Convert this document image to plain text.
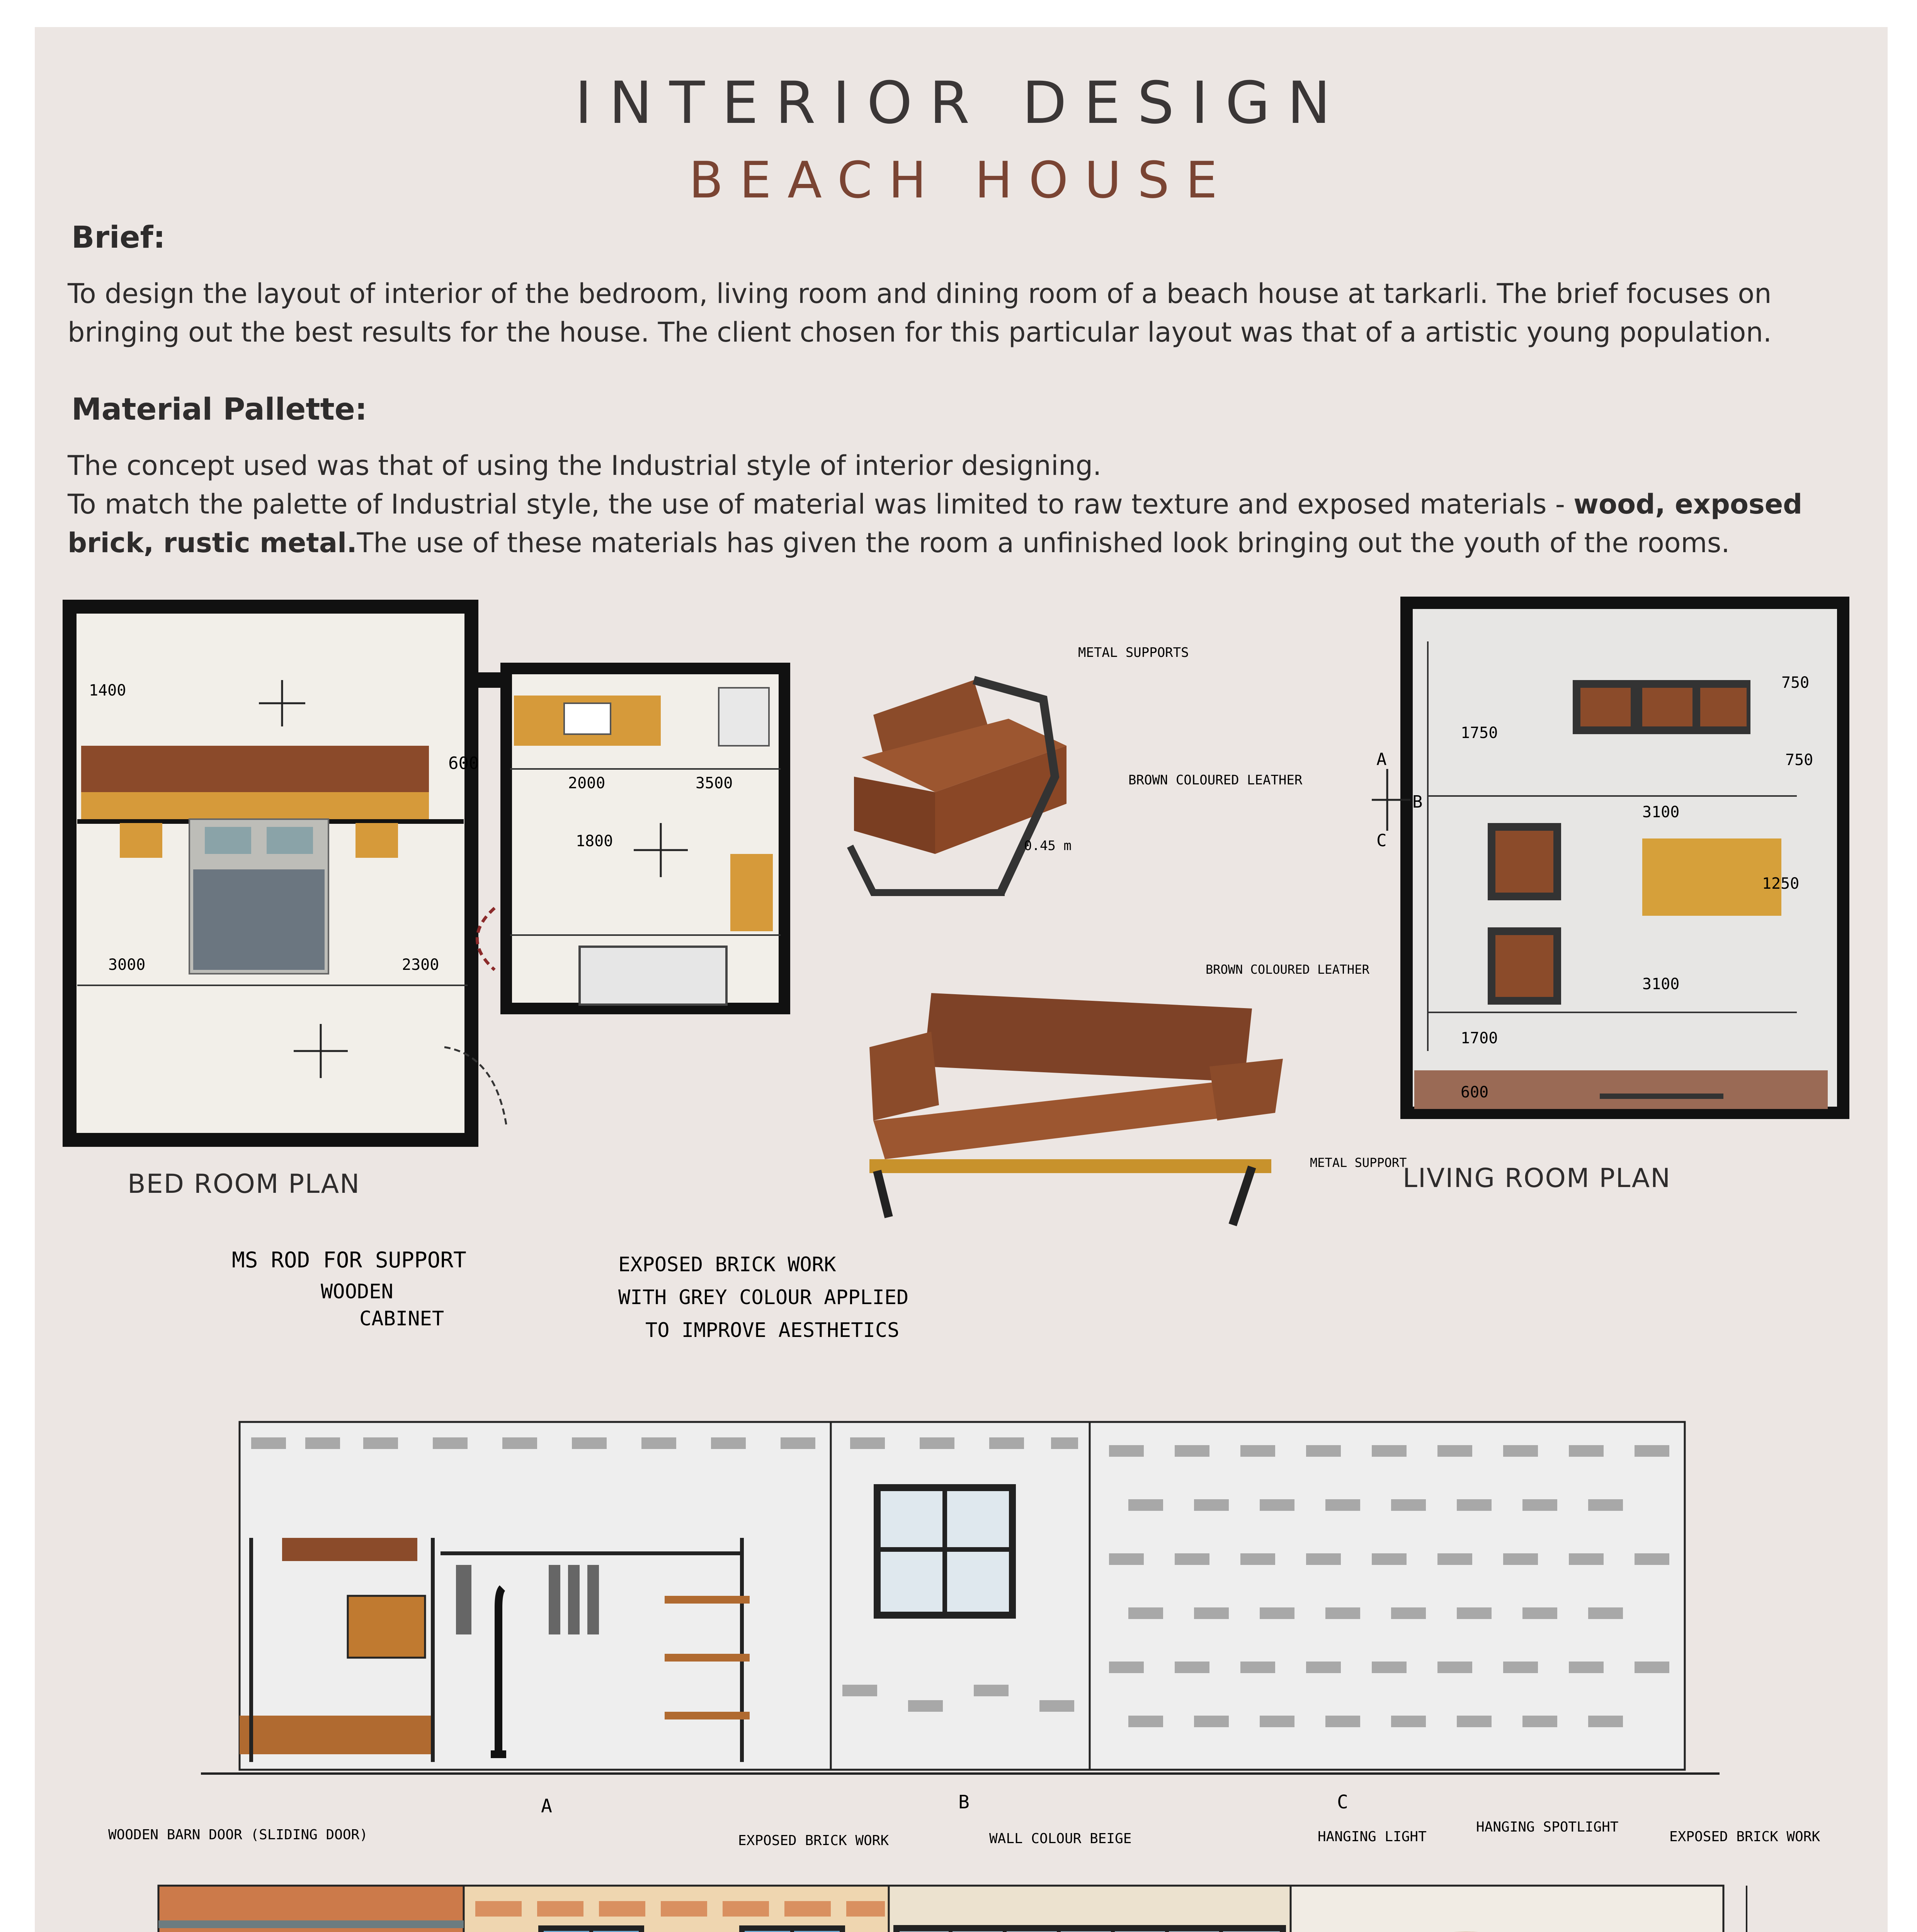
INTERIOR DESIGN
BEACH HOUSE
Brief:
To design the layout of interior of the bedroom, living room and dining room of a beach house at tarkarli. The brief focuses on
bringing out the best results for the house. The client chosen for this particular layout was that of a artistic young population.
Material Pallette:
The concept used was that of using the Industrial style of interior designing.
To match the palette of Industrial style, the use of material was limited to raw texture and exposed materials - wood, exposed
brick, rustic metal.The use of these materials has given the room a unfinished look bringing out the youth of the rooms.
600
1400
1800
2000	3500
3000	2300
BED ROOM PLAN
METAL SUPPORTS
BROWN COLOURED LEATHER
0.45 m
BROWN COLOURED LEATHER
METAL SUPPORT
A
B
C
750
1750
750
3100
1250
3100
1700
600
LIVING ROOM PLAN
MS ROD FOR SUPPORT
WOODEN
CABINET
EXPOSED BRICK WORK
WITH GREY COLOUR APPLIED
TO IMPROVE AESTHETICS
A	B	C
WOODEN BARN DOOR (SLIDING DOOR)	EXPOSED BRICK WORK	WALL COLOUR BEIGE	HANGING LIGHT
HANGING SPOTLIGHT
EXPOSED BRICK WORK
